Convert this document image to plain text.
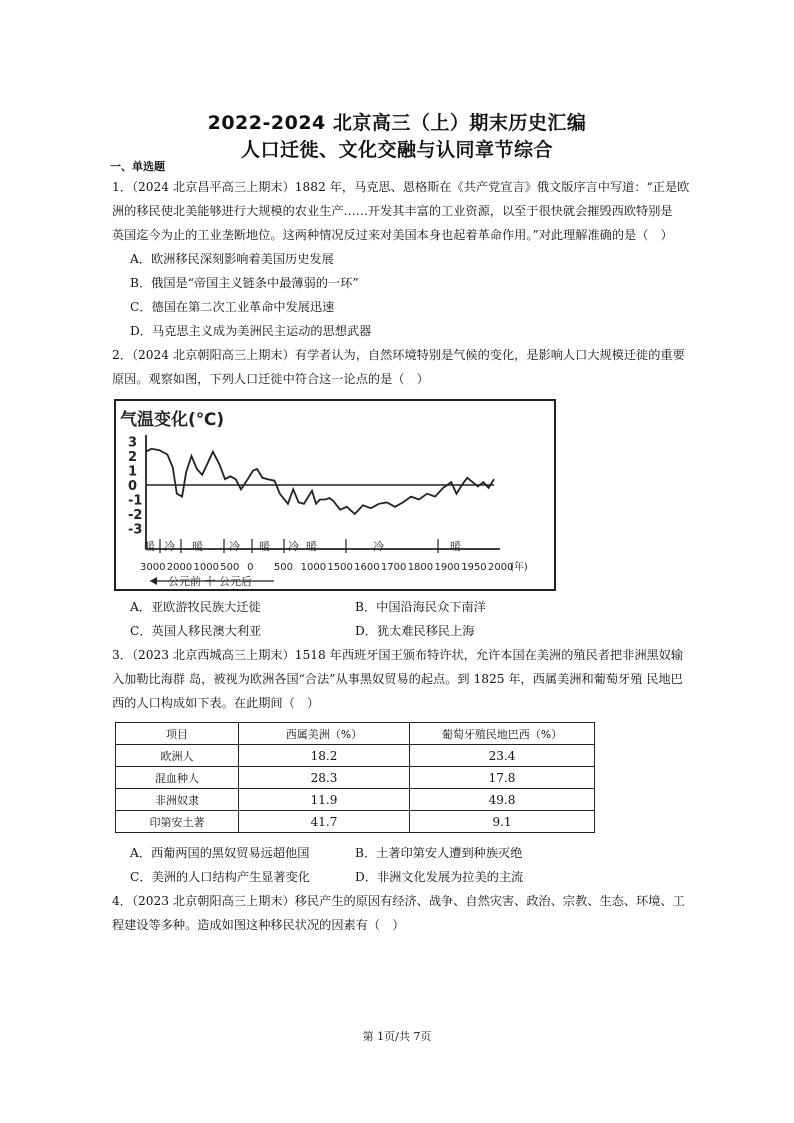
2022-2024 北京高三（上）期末历史汇编
人口迁徙、文化交融与认同章节综合
一、单选题
1．（2024 北京昌平高三上期末）1882 年，马克思、恩格斯在《共产党宣言》俄文版序言中写道：“正是欧
洲的移民使北美能够进行大规模的农业生产……开发其丰富的工业资源，以至于很快就会摧毁西欧特别是
英国迄今为止的工业垄断地位。这两种情况反过来对美国本身也起着革命作用。”对此理解准确的是（　）
A．欧洲移民深刻影响着美国历史发展
B．俄国是“帝国主义链条中最薄弱的一环”
C．德国在第二次工业革命中发展迅速
D．马克思主义成为美洲民主运动的思想武器
2．（2024 北京朝阳高三上期末）有学者认为，自然环境特别是气候的变化，是影响人口大规模迁徙的重要
原因。观察如图，下列人口迁徙中符合这一论点的是（　）
气温变化(℃)
3
2
1
0
-1
-2
-3
3000 2000 1000 500 0 500 1000 1500 1600 1700 1800 1900 1950 2000
(年)
公元前 十 公元后
暖 冷 暖 冷 暖 冷 暖	冷	暖
A．亚欧游牧民族大迁徙	B．中国沿海民众下南洋
C．英国人移民澳大利亚	D．犹太难民移民上海
3．（2023 北京西城高三上期末）1518 年西班牙国王颁布特许状，允许本国在美洲的殖民者把非洲黑奴输
入加勒比海群 岛，被视为欧洲各国“合法”从事黑奴贸易的起点。到 1825 年，西属美洲和葡萄牙殖 民地巴
西的人口构成如下表。在此期间（　）
项目	西属美洲（%）	葡萄牙殖民地巴西（%）
欧洲人	18.2	23.4
混血种人	28.3	17.8
非洲奴隶	11.9	49.8
印第安土著	41.7	9.1
A．西葡两国的黑奴贸易远超他国	B．土著印第安人遭到种族灭绝
C．美洲的人口结构产生显著变化	D．非洲文化发展为拉美的主流
4．（2023 北京朝阳高三上期末）移民产生的原因有经济、战争、自然灾害、政治、宗教、生态、环境、工
程建设等多种。造成如图这种移民状况的因素有（　）
第 1页/共 7页
